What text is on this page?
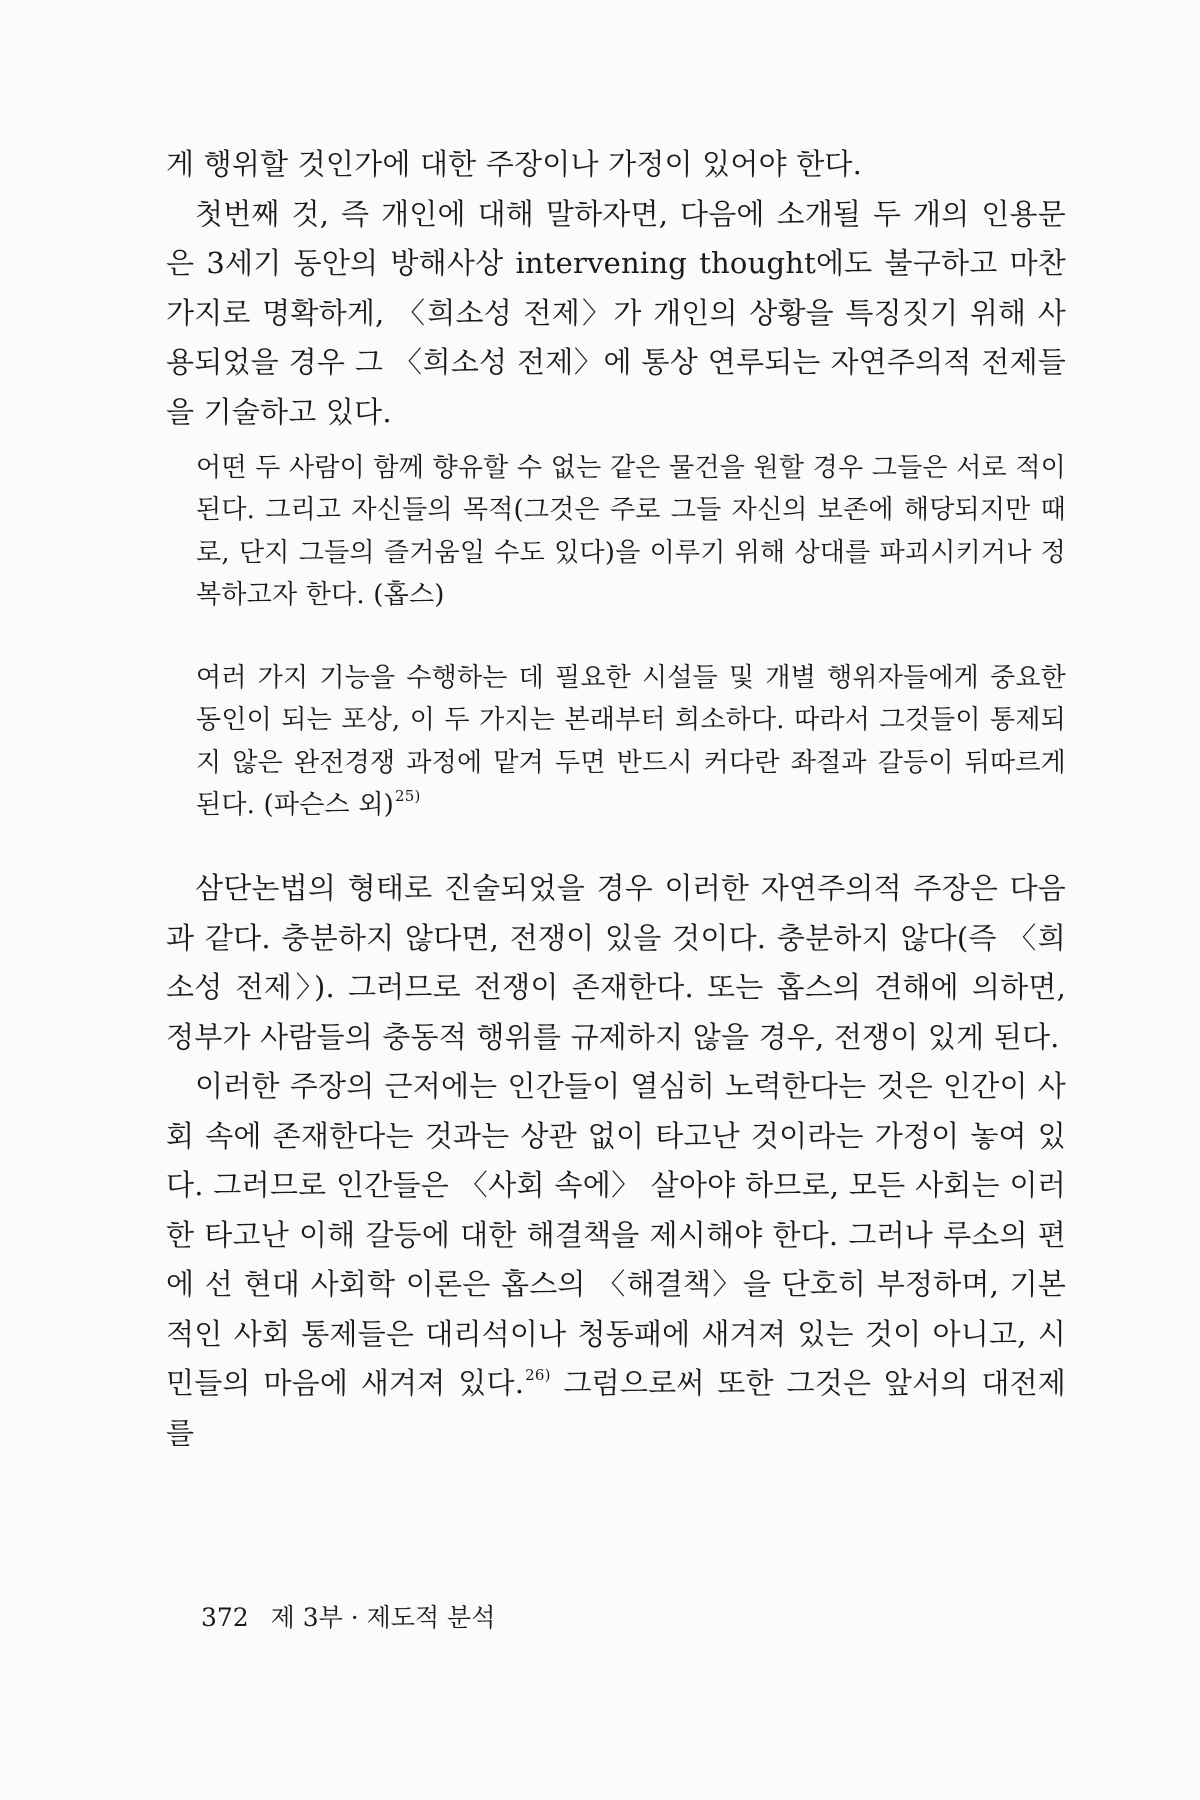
게 행위할 것인가에 대한 주장이나 가정이 있어야 한다.

첫번째 것, 즉 개인에 대해 말하자면, 다음에 소개될 두 개의 인용문은 3세기 동안의 방해사상 intervening thought에도 불구하고 마찬가지로 명확하게, 〈희소성 전제〉가 개인의 상황을 특징짓기 위해 사용되었을 경우 그 〈희소성 전제〉에 통상 연루되는 자연주의적 전제들을 기술하고 있다.

어떤 두 사람이 함께 향유할 수 없는 같은 물건을 원할 경우 그들은 서로 적이 된다. 그리고 자신들의 목적(그것은 주로 그들 자신의 보존에 해당되지만 때로, 단지 그들의 즐거움일 수도 있다)을 이루기 위해 상대를 파괴시키거나 정복하고자 한다. (홉스)

여러 가지 기능을 수행하는 데 필요한 시설들 및 개별 행위자들에게 중요한 동인이 되는 포상, 이 두 가지는 본래부터 희소하다. 따라서 그것들이 통제되지 않은 완전경쟁 과정에 맡겨 두면 반드시 커다란 좌절과 갈등이 뒤따르게 된다. (파슨스 외)$^{25)}$

삼단논법의 형태로 진술되었을 경우 이러한 자연주의적 주장은 다음과 같다. 충분하지 않다면, 전쟁이 있을 것이다. 충분하지 않다(즉 〈희소성 전제〉). 그러므로 전쟁이 존재한다. 또는 홉스의 견해에 의하면, 정부가 사람들의 충동적 행위를 규제하지 않을 경우, 전쟁이 있게 된다.

이러한 주장의 근저에는 인간들이 열심히 노력한다는 것은 인간이 사회 속에 존재한다는 것과는 상관 없이 타고난 것이라는 가정이 놓여 있다. 그러므로 인간들은 〈사회 속에〉 살아야 하므로, 모든 사회는 이러한 타고난 이해 갈등에 대한 해결책을 제시해야 한다. 그러나 루소의 편에 선 현대 사회학 이론은 홉스의 〈해결책〉을 단호히 부정하며, 기본적인 사회 통제들은 대리석이나 청동패에 새겨져 있는 것이 아니고, 시민들의 마음에 새겨져 있다.$^{26)}$ 그럼으로써 또한 그것은 앞서의 대전제를

372 제 3부 · 제도적 분석
